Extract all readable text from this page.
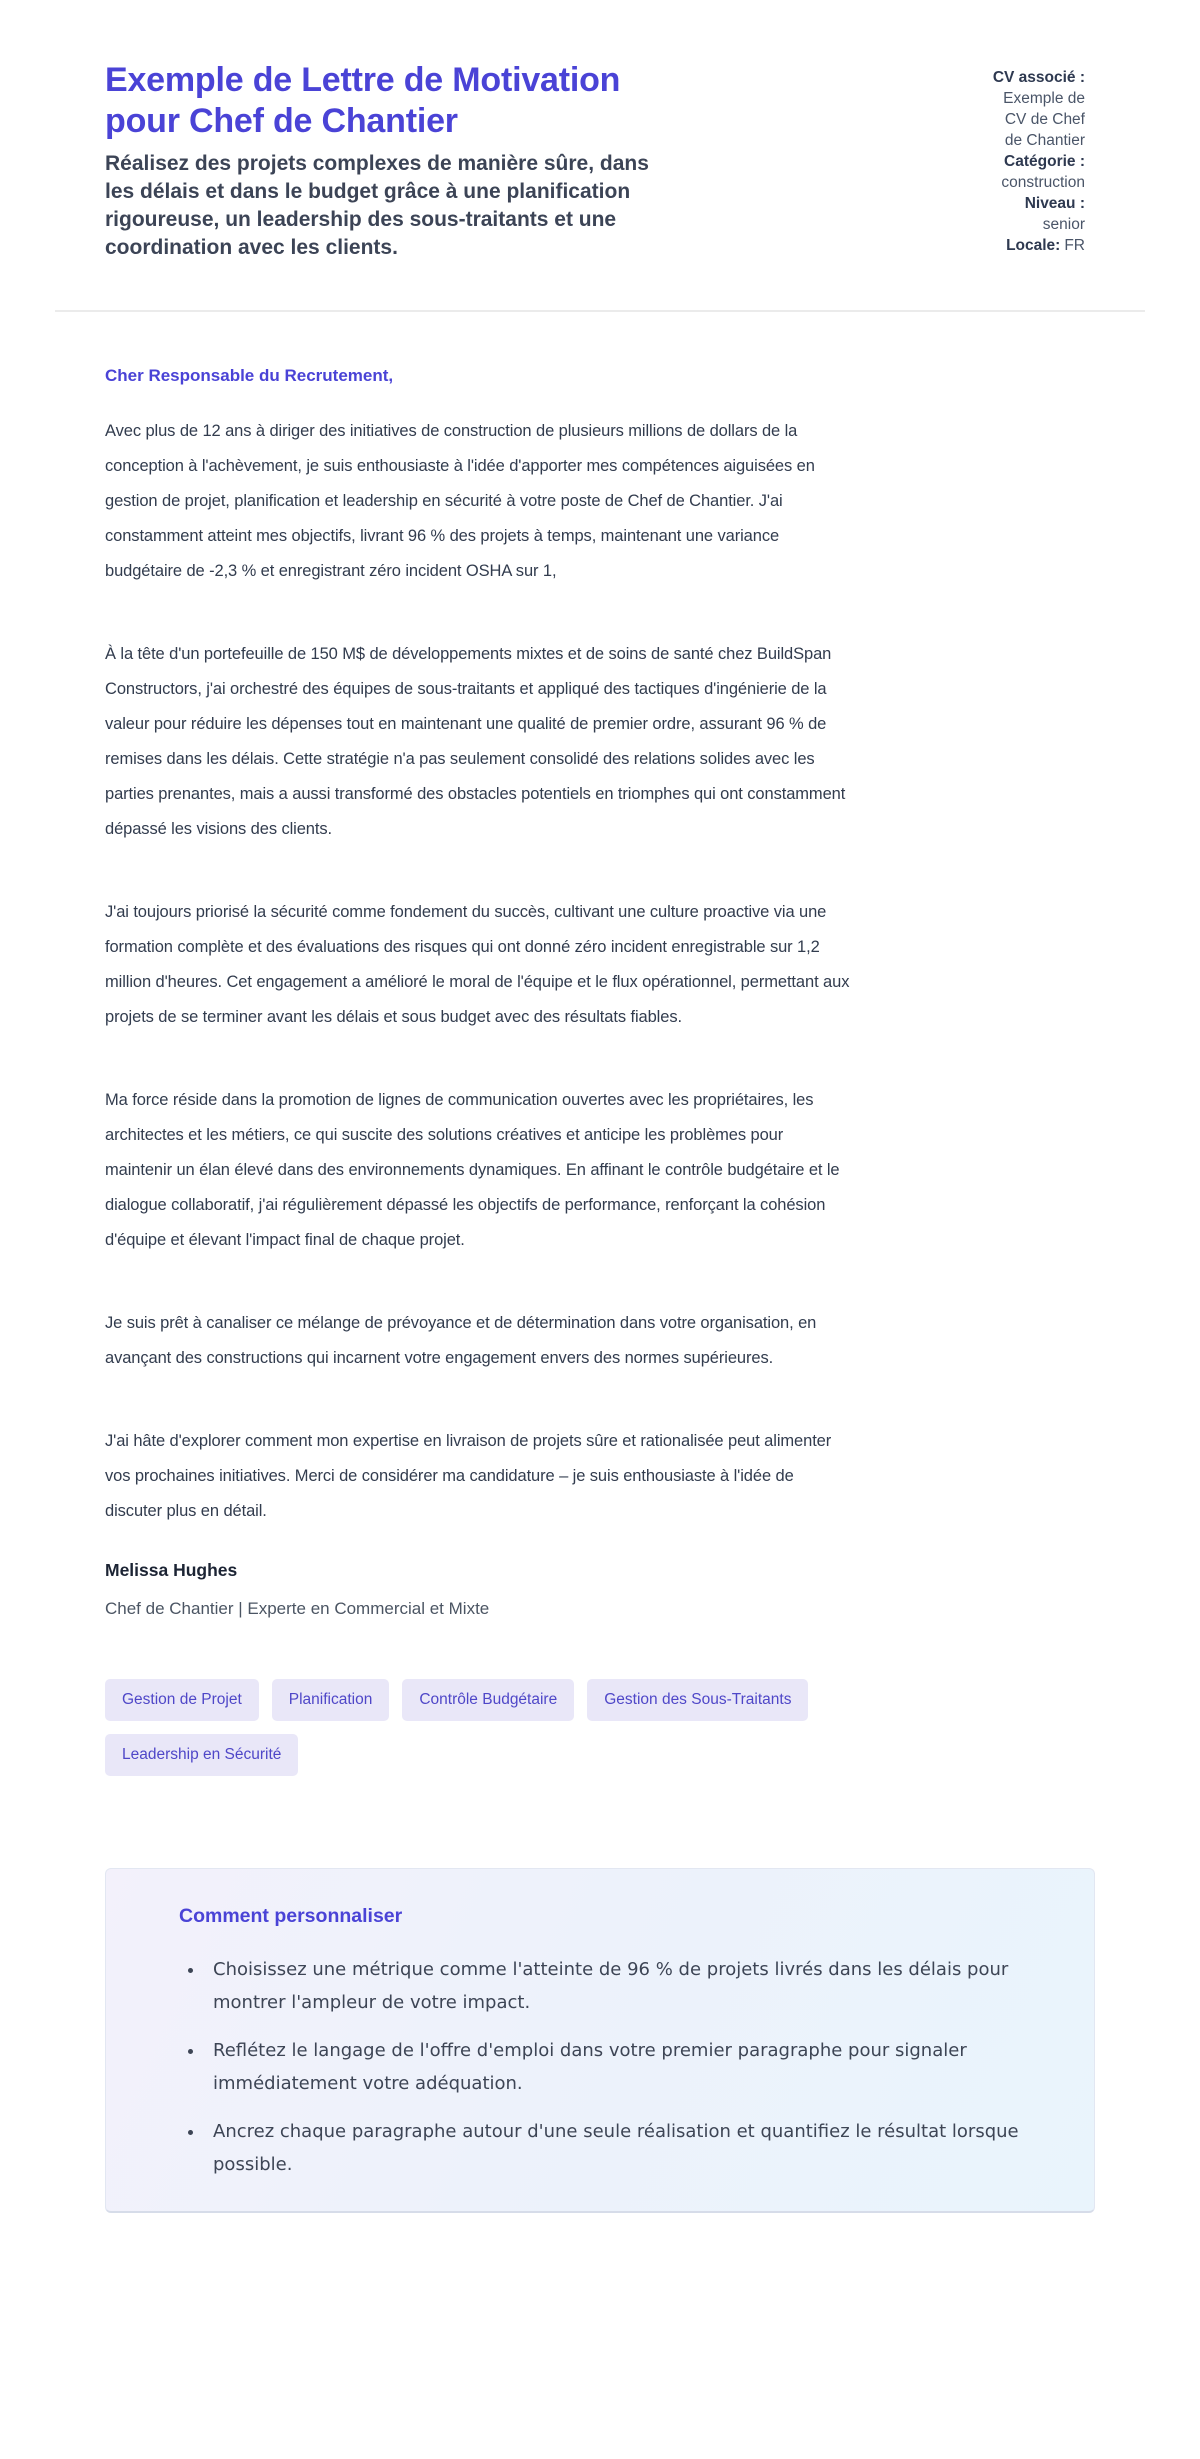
Exemple de Lettre de Motivation pour Chef de Chantier

Réalisez des projets complexes de manière sûre, dans les délais et dans le budget grâce à une planification rigoureuse, un leadership des sous-traitants et une coordination avec les clients.

CV associé :
Exemple de CV de Chef de Chantier
Catégorie :
construction
Niveau :
senior
Locale: FR

Cher Responsable du Recrutement,

Avec plus de 12 ans à diriger des initiatives de construction de plusieurs millions de dollars de la conception à l'achèvement, je suis enthousiaste à l'idée d'apporter mes compétences aiguisées en gestion de projet, planification et leadership en sécurité à votre poste de Chef de Chantier. J'ai constamment atteint mes objectifs, livrant 96 % des projets à temps, maintenant une variance budgétaire de -2,3 % et enregistrant zéro incident OSHA sur 1,

À la tête d'un portefeuille de 150 M$ de développements mixtes et de soins de santé chez BuildSpan Constructors, j'ai orchestré des équipes de sous-traitants et appliqué des tactiques d'ingénierie de la valeur pour réduire les dépenses tout en maintenant une qualité de premier ordre, assurant 96 % de remises dans les délais. Cette stratégie n'a pas seulement consolidé des relations solides avec les parties prenantes, mais a aussi transformé des obstacles potentiels en triomphes qui ont constamment dépassé les visions des clients.

J'ai toujours priorisé la sécurité comme fondement du succès, cultivant une culture proactive via une formation complète et des évaluations des risques qui ont donné zéro incident enregistrable sur 1,2 million d'heures. Cet engagement a amélioré le moral de l'équipe et le flux opérationnel, permettant aux projets de se terminer avant les délais et sous budget avec des résultats fiables.

Ma force réside dans la promotion de lignes de communication ouvertes avec les propriétaires, les architectes et les métiers, ce qui suscite des solutions créatives et anticipe les problèmes pour maintenir un élan élevé dans des environnements dynamiques. En affinant le contrôle budgétaire et le dialogue collaboratif, j'ai régulièrement dépassé les objectifs de performance, renforçant la cohésion d'équipe et élevant l'impact final de chaque projet.

Je suis prêt à canaliser ce mélange de prévoyance et de détermination dans votre organisation, en avançant des constructions qui incarnent votre engagement envers des normes supérieures.

J'ai hâte d'explorer comment mon expertise en livraison de projets sûre et rationalisée peut alimenter vos prochaines initiatives. Merci de considérer ma candidature – je suis enthousiaste à l'idée de discuter plus en détail.

Melissa Hughes

Chef de Chantier | Experte en Commercial et Mixte

Gestion de Projet	Planification	Contrôle Budgétaire	Gestion des Sous-Traitants
Leadership en Sécurité
Comment personnaliser
• Choisissez une métrique comme l'atteinte de 96 % de projets livrés dans les délais pour montrer l'ampleur de votre impact.
• Reflétez le langage de l'offre d'emploi dans votre premier paragraphe pour signaler immédiatement votre adéquation.
• Ancrez chaque paragraphe autour d'une seule réalisation et quantifiez le résultat lorsque possible.
